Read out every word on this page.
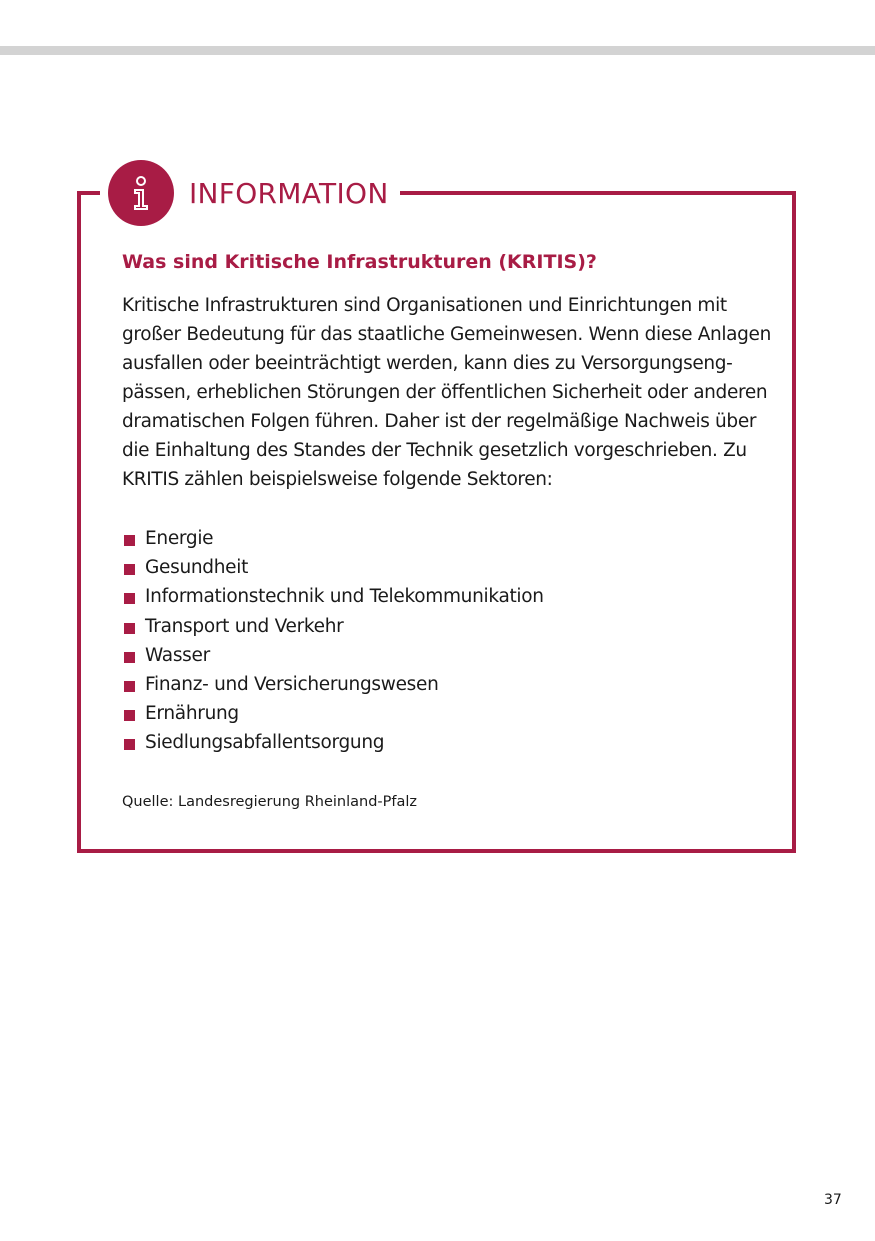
INFORMATION
Was sind Kritische Infrastrukturen (KRITIS)?
Kritische Infrastrukturen sind Organisationen und Einrichtungen mit
großer Bedeutung für das staatliche Gemeinwesen. Wenn diese Anlagen
ausfallen oder beeinträchtigt werden, kann dies zu Versorgungseng-
pässen, erheblichen Störungen der öffentlichen Sicherheit oder anderen
dramatischen Folgen führen. Daher ist der regelmäßige Nachweis über
die Einhaltung des Standes der Technik gesetzlich vorgeschrieben. Zu
KRITIS zählen beispielsweise folgende Sektoren:
Energie
Gesundheit
Informationstechnik und Telekommunikation
Transport und Verkehr
Wasser
Finanz- und Versicherungswesen
Ernährung
Siedlungsabfallentsorgung
Quelle: Landesregierung Rheinland-Pfalz
37
